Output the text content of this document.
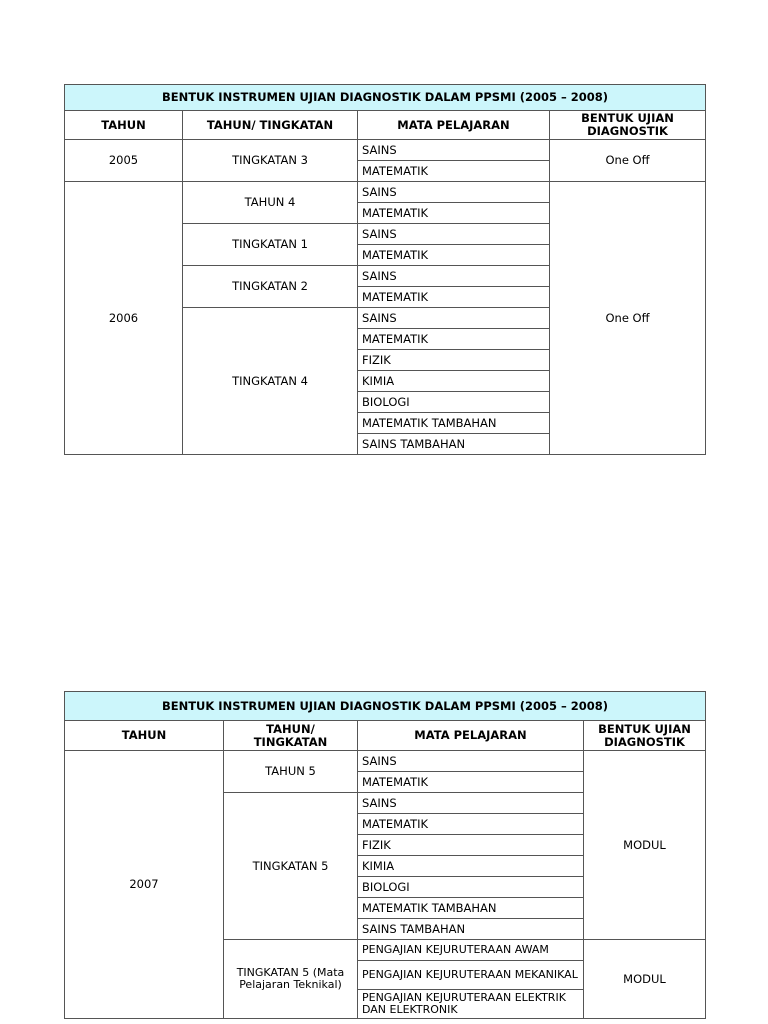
BENTUK INSTRUMEN UJIAN DIAGNOSTIK DALAM PPSMI (2005 – 2008)			
TAHUN	TAHUN/ TINGKATAN	MATA PELAJARAN	BENTUK UJIAN DIAGNOSTIK
2005	TINGKATAN 3	SAINS	One Off
		MATEMATIK	
2006	TAHUN 4	SAINS	One Off
		MATEMATIK	
	TINGKATAN 1	SAINS	
		MATEMATIK	
	TINGKATAN 2	SAINS	
		MATEMATIK	
	TINGKATAN 4	SAINS	
		MATEMATIK	
		FIZIK	
		KIMIA	
		BIOLOGI	
		MATEMATIK TAMBAHAN	
		SAINS TAMBAHAN	
BENTUK INSTRUMEN UJIAN DIAGNOSTIK DALAM PPSMI (2005 – 2008)			
TAHUN	TAHUN/ TINGKATAN	MATA PELAJARAN	BENTUK UJIAN DIAGNOSTIK
2007	TAHUN 5	SAINS	MODUL
		MATEMATIK	
	TINGKATAN 5	SAINS	
		MATEMATIK	
		FIZIK	
		KIMIA	
		BIOLOGI	
		MATEMATIK TAMBAHAN	
		SAINS TAMBAHAN	
	TINGKATAN 5 (Mata Pelajaran Teknikal)	PENGAJIAN KEJURUTERAAN AWAM	MODUL
		PENGAJIAN KEJURUTERAAN MEKANIKAL	
		PENGAJIAN KEJURUTERAAN ELEKTRIK DAN ELEKTRONIK	
